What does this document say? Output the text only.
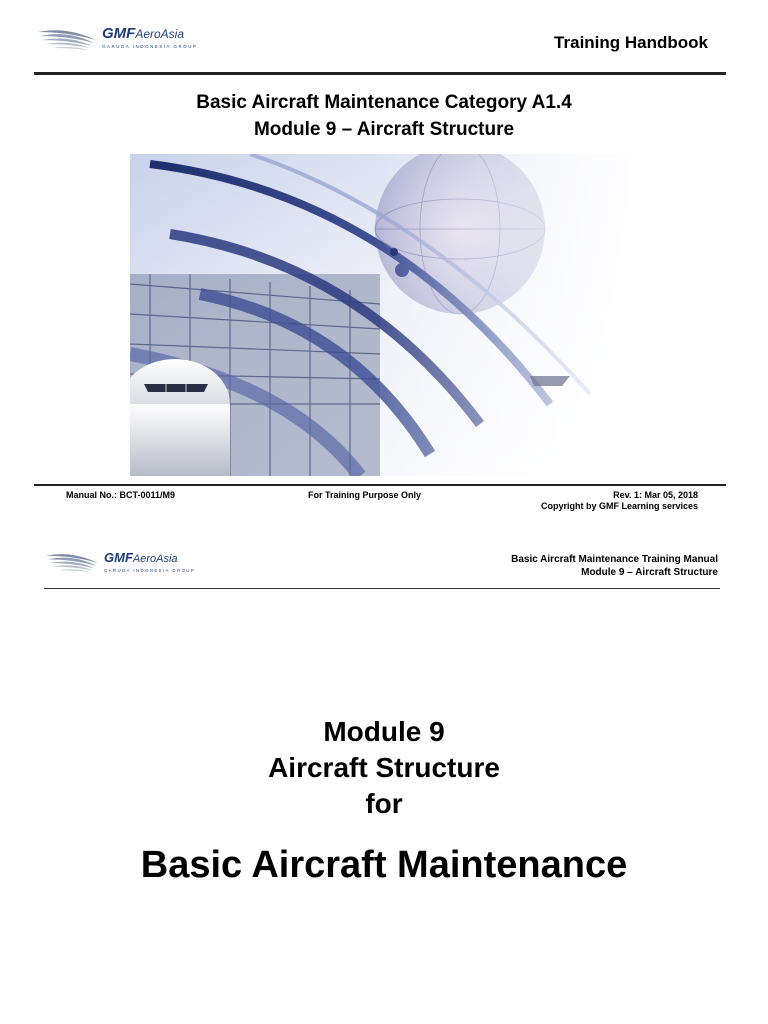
GMFAeroAsia
GARUDA INDONESIA GROUP	Training Handbook
Basic Aircraft Maintenance Category A1.4
Module 9 – Aircraft Structure
Manual No.: BCT-0011/M9	For Training Purpose Only	Rev. 1: Mar 05, 2018
Copyright by GMF Learning services
GMFAeroAsia
GARUDA INDONESIA GROUP
Basic Aircraft Maintenance Training Manual
Module 9 – Aircraft Structure
Module 9
Aircraft Structure
for
Basic Aircraft Maintenance
